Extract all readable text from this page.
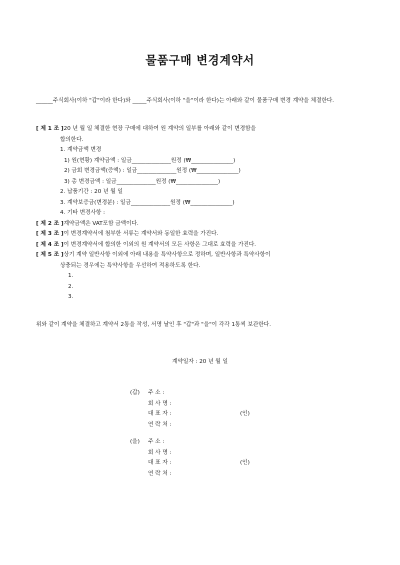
물품구매 변경계약서
______주식회사(이하 "갑"이라 한다)와 _____주식회사(이하 "을"이라 한다)는 아래와 같이 물품구매 변경 계약을 체결한다.
[ 제 1 조 ]20 년 월 일 체결한 현장 구매에 대하여 원 계약의 일부를 아래와 같이 변경함을
합의한다.
1. 계약금액 변경
1) 원(현황) 계약금액 : 일금______________원정 (₩_______________)
2) 금회 변경금액(증액) : 일금______________원정 (₩_______________)
3) 총 변경금액 : 일금______________원정 (₩_______________)
2. 납품기간 : 20 년 월 일
3. 계약보증금(변경분) : 일금______________원정 (₩_______________)
4. 기타 변경사항 :
[ 제 2 조 ]계약금액은 VAT포함 금액이다.
[ 제 3 조 ]이 변경계약서에 첨부한 서류는 계약서와 동일한 효력을 가진다.
[ 제 4 조 ]이 변경계약서에 합의한 이외의 원 계약서의 모든 사항은 그대로 효력을 가진다.
[ 제 5 조 ]상기 계약 일반사항 이외에 아래 내용을 특약사항으로 정하며, 일반사항과 특약사항이
상충되는 경우에는 특약사항을 우선하여 적용하도록 한다.
1.
2.
3.
위와 같이 계약을 체결하고 계약서 2통을 작성, 서명 날인 후 "갑"과 "을"이 각각 1통씩 보관한다.
계약일자 : 20 년 월 일
(갑) 주 소 :
회 사 명 :
대 표 자 :	(인)
연 락 처 :
(을) 주 소 :
회 사 명 :
대 표 자 :	(인)
연 락 처 :
